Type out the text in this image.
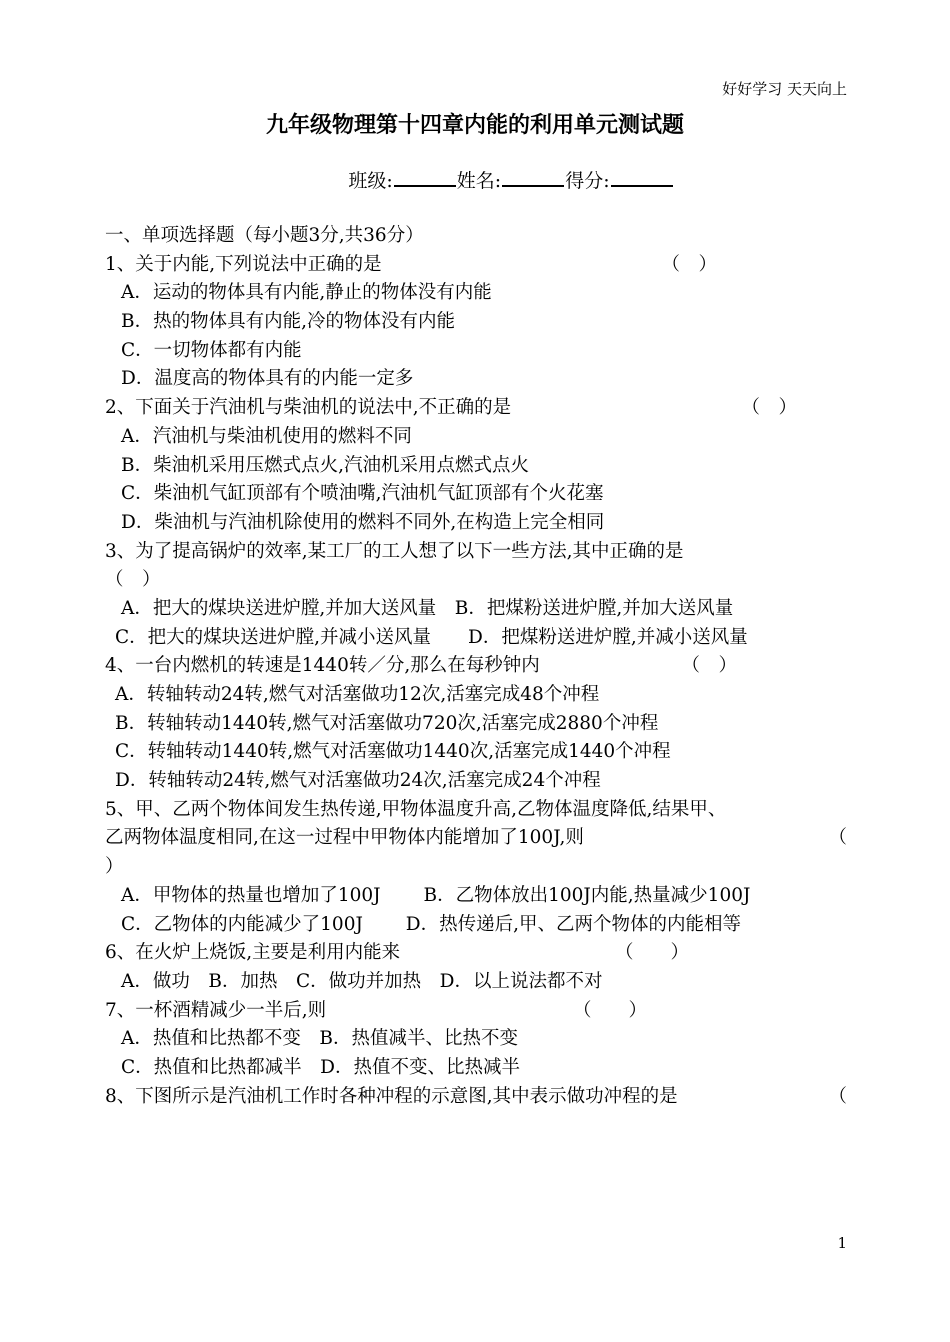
好好学习 天天向上
九年级物理第十四章内能的利用单元测试题
班级:	姓名:	得分:
一、单项选择题（每小题3分,共36分）
1、关于内能,下列说法中正确的是	（　）
A．运动的物体具有内能,静止的物体没有内能
B．热的物体具有内能,冷的物体没有内能
C．一切物体都有内能
D．温度高的物体具有的内能一定多
2、下面关于汽油机与柴油机的说法中,不正确的是	（　）
A．汽油机与柴油机使用的燃料不同
B．柴油机采用压燃式点火,汽油机采用点燃式点火
C．柴油机气缸顶部有个喷油嘴,汽油机气缸顶部有个火花塞
D．柴油机与汽油机除使用的燃料不同外,在构造上完全相同
3、为了提高锅炉的效率,某工厂的工人想了以下一些方法,其中正确的是
（　）
A．把大的煤块送进炉膛,并加大送风量　B．把煤粉送进炉膛,并加大送风量
C．把大的煤块送进炉膛,并减小送风量　　D．把煤粉送进炉膛,并减小送风量
4、一台内燃机的转速是1440转／分,那么在每秒钟内	（　）
A．转轴转动24转,燃气对活塞做功12次,活塞完成48个冲程
B．转轴转动1440转,燃气对活塞做功720次,活塞完成2880个冲程
C．转轴转动1440转,燃气对活塞做功1440次,活塞完成1440个冲程
D．转轴转动24转,燃气对活塞做功24次,活塞完成24个冲程
5、甲、乙两个物体间发生热传递,甲物体温度升高,乙物体温度降低,结果甲、
乙两物体温度相同,在这一过程中甲物体内能增加了100J,则	（
）
A．甲物体的热量也增加了100J　　 B．乙物体放出100J内能,热量减少100J
C．乙物体的内能减少了100J　　 D．热传递后,甲、乙两个物体的内能相等
6、在火炉上烧饭,主要是利用内能来	（　　）
A．做功　B．加热　C．做功并加热　D．以上说法都不对
7、一杯酒精减少一半后,则	（　　）
A．热值和比热都不变　B．热值减半、比热不变
C．热值和比热都减半　D．热值不变、比热减半
8、下图所示是汽油机工作时各种冲程的示意图,其中表示做功冲程的是	（
1
